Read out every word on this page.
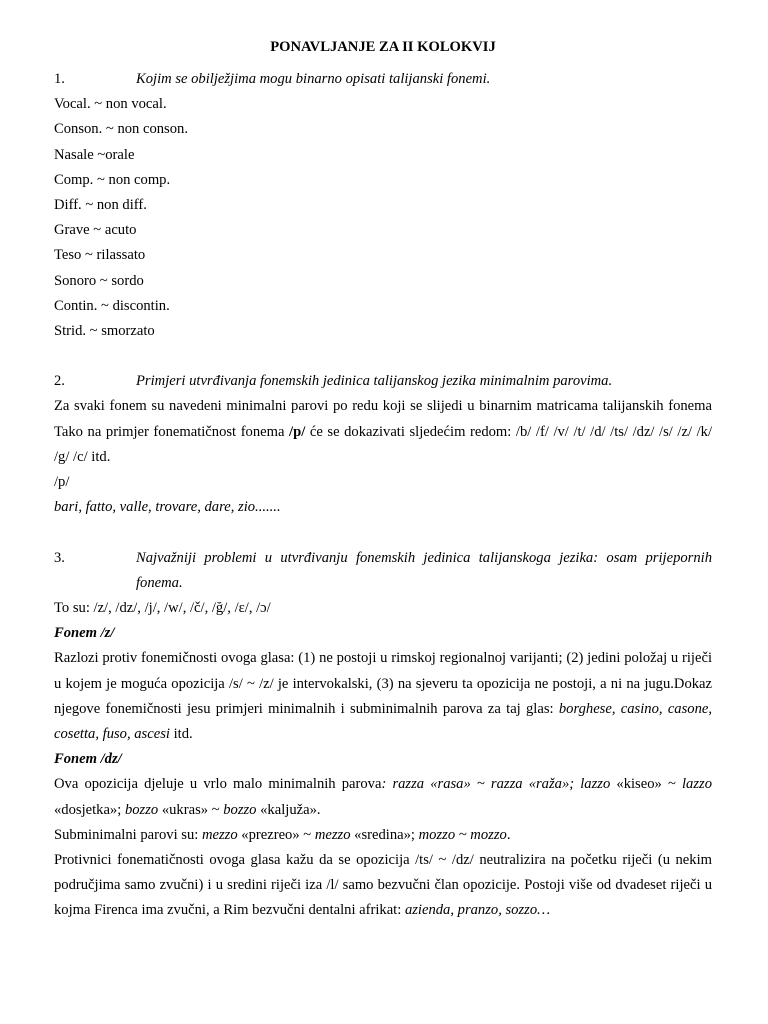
PONAVLJANJE ZA II KOLOKVIJ
1.	Kojim se obilježjima mogu binarno opisati talijanski fonemi.
Vocal. ~ non vocal.
Conson. ~ non conson.
Nasale ~orale
Comp. ~ non comp.
Diff. ~ non diff.
Grave ~ acuto
Teso ~ rilassato
Sonoro ~ sordo
Contin. ~ discontin.
Strid. ~ smorzato
2.	Primjeri utvrđivanja fonemskih jedinica talijanskog jezika minimalnim parovima.

Za svaki fonem su navedeni minimalni parovi po redu koji se slijedi u binarnim matricama talijanskih fonema Tako na primjer fonematičnost fonema /p/ će se dokazivati sljedećim redom: /b/ /f/ /v/ /t/ /d/ /ts/ /dz/ /s/ /z/ /k/ /g/ /c/ itd.

/p/
bari, fatto, valle, trovare, dare, zio.......
3.	Najvažniji problemi u utvrđivanju fonemskih jedinica talijanskoga jezika: osam prijepornih fonema.
To su: /z/, /dz/, /j/, /w/, /č/, /ğ/, /ɛ/, /ɔ/
Fonem /z/

Razlozi protiv fonemičnosti ovoga glasa: (1) ne postoji u rimskoj regionalnoj varijanti; (2) jedini položaj u riječi u kojem je moguća opozicija /s/ ~ /z/ je intervokalski, (3) na sjeveru ta opozicija ne postoji, a ni na jugu.Dokaz njegove fonemičnosti jesu primjeri minimalnih i subminimalnih parova za taj glas: borghese, casino, casone, cosetta, fuso, ascesi itd.

Fonem /dz/

Ova opozicija djeluje u vrlo malo minimalnih parova: razza «rasa» ~ razza «raža»; lazzo «kiseo» ~ lazzo «dosjetka»; bozzo «ukras» ~ bozzo «kaljuža».

Subminimalni parovi su: mezzo «prezreo» ~ mezzo «sredina»; mozzo ~ mozzo.

Protivnici fonematičnosti ovoga glasa kažu da se opozicija /ts/ ~ /dz/ neutralizira na početku riječi (u nekim područjima samo zvučni) i u sredini riječi iza /l/ samo bezvučni član opozicije. Postoji više od dvadeset riječi u kojma Firenca ima zvučni, a Rim bezvučni dentalni afrikat: azienda, pranzo, sozzo…
